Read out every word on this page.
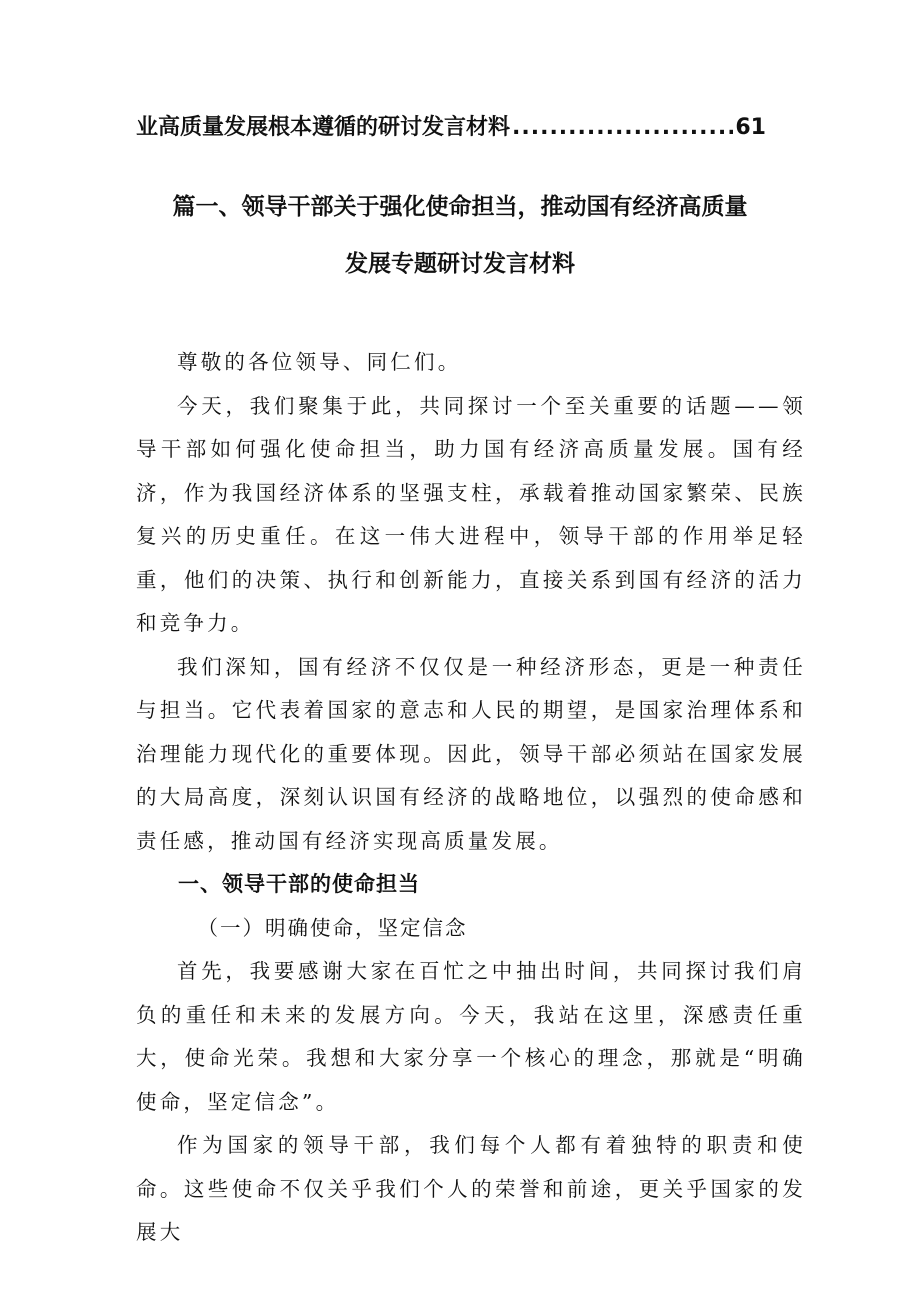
业高质量发展根本遵循的研讨发言材料
.....	61
篇一、领导干部关于强化使命担当，推动国有经济高质量
发展专题研讨发言材料

尊敬的各位领导、同仁们。

今天，我们聚集于此，共同探讨一个至关重要的话题——领导干部如何强化使命担当，助力国有经济高质量发展。国有经济，作为我国经济体系的坚强支柱，承载着推动国家繁荣、民族复兴的历史重任。在这一伟大进程中，领导干部的作用举足轻重，他们的决策、执行和创新能力，直接关系到国有经济的活力和竞争力。

我们深知，国有经济不仅仅是一种经济形态，更是一种责任与担当。它代表着国家的意志和人民的期望，是国家治理体系和治理能力现代化的重要体现。因此，领导干部必须站在国家发展的大局高度，深刻认识国有经济的战略地位，以强烈的使命感和责任感，推动国有经济实现高质量发展。

一、领导干部的使命担当

（一）明确使命，坚定信念

首先，我要感谢大家在百忙之中抽出时间，共同探讨我们肩负的重任和未来的发展方向。今天，我站在这里，深感责任重大，使命光荣。我想和大家分享一个核心的理念，那就是“明确使命，坚定信念”。

作为国家的领导干部，我们每个人都有着独特的职责和使命。这些使命不仅关乎我们个人的荣誉和前途，更关乎国家的发展大
